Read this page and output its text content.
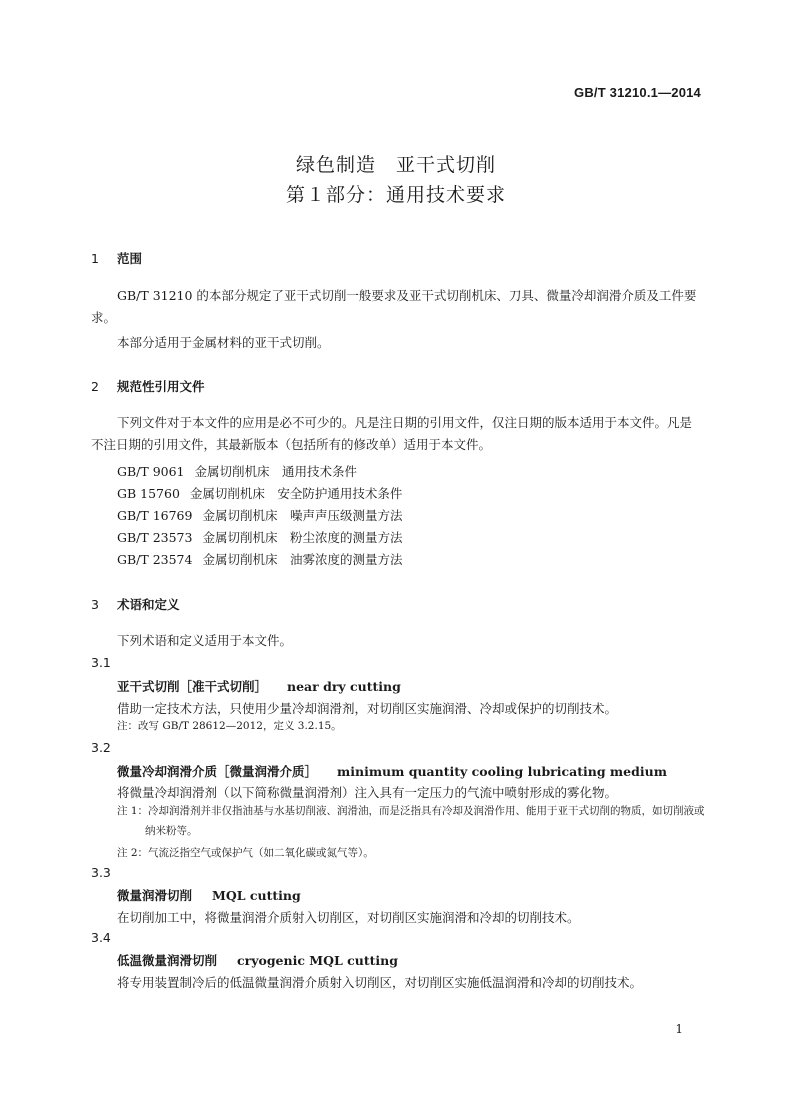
GB/T 31210.1—2014
绿色制造　亚干式切削
第１部分：通用技术要求
1 范围
GB/T 31210 的本部分规定了亚干式切削一般要求及亚干式切削机床、刀具、微量冷却润滑介质及工件要求。
本部分适用于金属材料的亚干式切削。
2 规范性引用文件
下列文件对于本文件的应用是必不可少的。凡是注日期的引用文件，仅注日期的版本适用于本文件。凡是不注日期的引用文件，其最新版本（包括所有的修改单）适用于本文件。
GB/T 9061 金属切削机床　通用技术条件
GB 15760 金属切削机床　安全防护通用技术条件
GB/T 16769 金属切削机床　噪声声压级测量方法
GB/T 23573 金属切削机床　粉尘浓度的测量方法
GB/T 23574 金属切削机床　油雾浓度的测量方法
3 术语和定义
下列术语和定义适用于本文件。
3.1
亚干式切削［准干式切削］ near dry cutting
借助一定技术方法，只使用少量冷却润滑剂，对切削区实施润滑、冷却或保护的切削技术。
注：改写 GB/T 28612—2012，定义 3.2.15。
3.2
微量冷却润滑介质［微量润滑介质］ minimum quantity cooling lubricating medium
将微量冷却润滑剂（以下简称微量润滑剂）注入具有一定压力的气流中喷射形成的雾化物。
注 1：冷却润滑剂并非仅指油基与水基切削液、润滑油，而是泛指具有冷却及润滑作用、能用于亚干式切削的物质，如切削液或纳米粉等。
注 2：气流泛指空气或保护气（如二氧化碳或氮气等）。
3.3
微量润滑切削 MQL cutting
在切削加工中，将微量润滑介质射入切削区，对切削区实施润滑和冷却的切削技术。
3.4
低温微量润滑切削 cryogenic MQL cutting
将专用装置制冷后的低温微量润滑介质射入切削区，对切削区实施低温润滑和冷却的切削技术。
1
